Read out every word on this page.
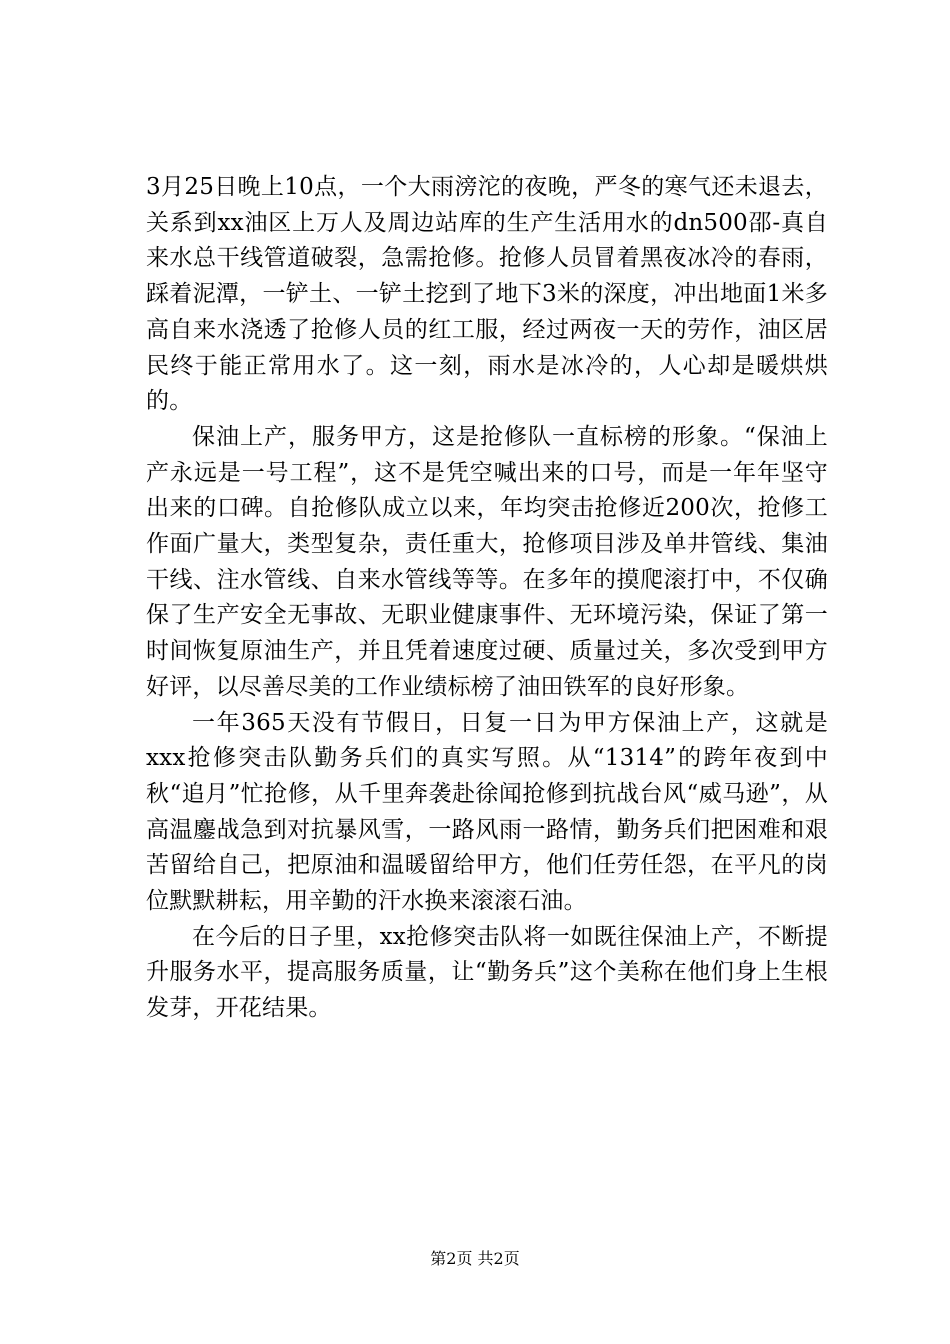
3月25日晚上10点，一个大雨滂沱的夜晚，严冬的寒气还未退去，关系到xx油区上万人及周边站库的生产生活用水的dn500邵-真自来水总干线管道破裂，急需抢修。抢修人员冒着黑夜冰冷的春雨，踩着泥潭，一铲土、一铲土挖到了地下3米的深度，冲出地面1米多高自来水浇透了抢修人员的红工服，经过两夜一天的劳作，油区居民终于能正常用水了。这一刻，雨水是冰冷的，人心却是暖烘烘的。

保油上产，服务甲方，这是抢修队一直标榜的形象。“保油上产永远是一号工程”，这不是凭空喊出来的口号，而是一年年坚守出来的口碑。自抢修队成立以来，年均突击抢修近200次，抢修工作面广量大，类型复杂，责任重大，抢修项目涉及单井管线、集油干线、注水管线、自来水管线等等。在多年的摸爬滚打中，不仅确保了生产安全无事故、无职业健康事件、无环境污染，保证了第一时间恢复原油生产，并且凭着速度过硬、质量过关，多次受到甲方好评，以尽善尽美的工作业绩标榜了油田铁军的良好形象。

一年365天没有节假日，日复一日为甲方保油上产，这就是xxx抢修突击队勤务兵们的真实写照。从“1314”的跨年夜到中秋“追月”忙抢修，从千里奔袭赴徐闻抢修到抗战台风“威马逊”，从高温鏖战急到对抗暴风雪，一路风雨一路情，勤务兵们把困难和艰苦留给自己，把原油和温暖留给甲方，他们任劳任怨，在平凡的岗位默默耕耘，用辛勤的汗水换来滚滚石油。

在今后的日子里，xx抢修突击队将一如既往保油上产，不断提升服务水平，提高服务质量，让“勤务兵”这个美称在他们身上生根发芽，开花结果。

第2页 共2页
